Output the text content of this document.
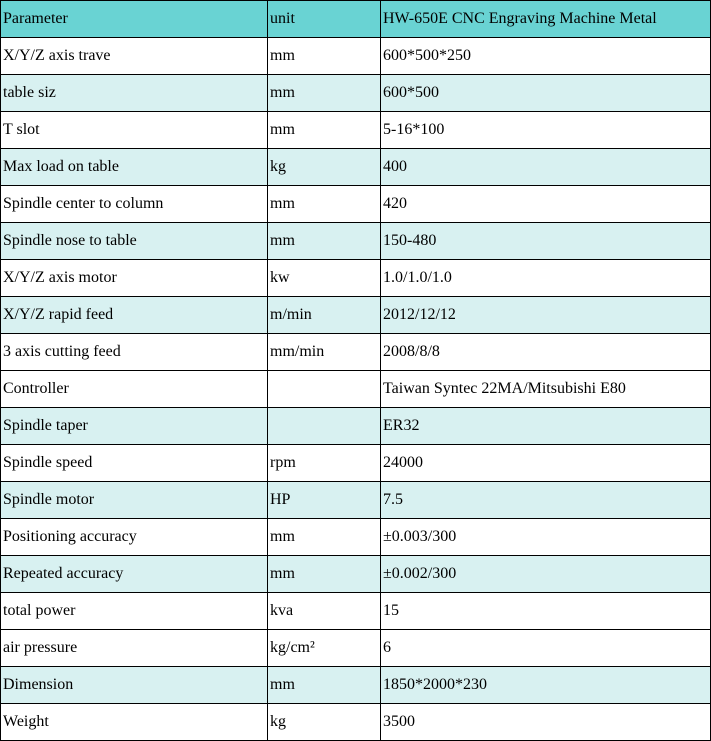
Parameter	unit	HW-650E CNC Engraving Machine Metal
X/Y/Z axis trave	mm	600*500*250
table siz	mm	600*500
T slot	mm	5-16*100
Max load on table	kg	400
Spindle center to column	mm	420
Spindle nose to table	mm	150-480
X/Y/Z axis motor	kw	1.0/1.0/1.0
X/Y/Z rapid feed	m/min	2012/12/12
3 axis cutting feed	mm/min	2008/8/8
Controller		Taiwan Syntec 22MA/Mitsubishi E80
Spindle taper		ER32
Spindle speed	rpm	24000
Spindle motor	HP	7.5
Positioning accuracy	mm	±0.003/300
Repeated accuracy	mm	±0.002/300
total power	kva	15
air pressure	kg/cm²	6
Dimension	mm	1850*2000*230
Weight	kg	3500
